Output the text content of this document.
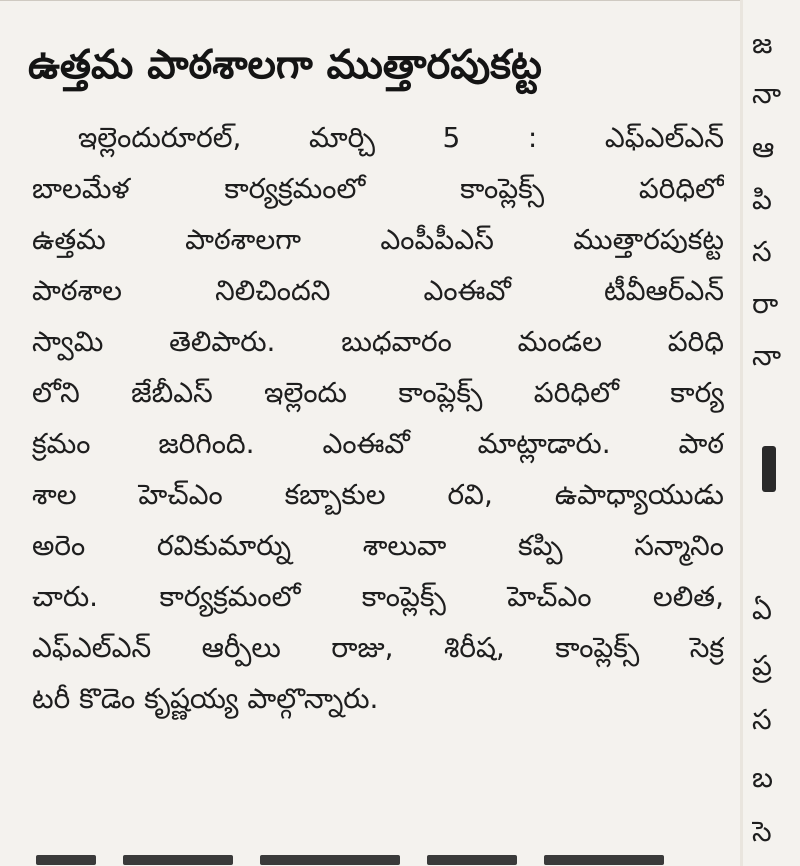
ఉత్తమ పాఠశాలగా ముత్తారపుకట్ట
ఇల్లెందురూరల్, మార్చి 5 : ఎఫ్ఎల్ఎన్
బాలమేళ కార్యక్రమంలో కాంప్లెక్స్ పరిధిలో
ఉత్తమ పాఠశాలగా ఎంపీపీఎస్ ముత్తారపుకట్ట
పాఠశాల నిలిచిందని ఎంఈవో టీవీఆర్ఎన్
స్వామి తెలిపారు. బుధవారం మండల పరిధి
లోని జేబీఎస్ ఇల్లెందు కాంప్లెక్స్ పరిధిలో కార్య
క్రమం జరిగింది. ఎంఈవో మాట్లాడారు. పాఠ
శాల హెచ్ఎం కబ్బాకుల రవి, ఉపాధ్యాయుడు
అరెం రవికుమార్ను శాలువా కప్పి సన్మానిం
చారు. కార్యక్రమంలో కాంప్లెక్స్ హెచ్ఎం లలిత,
ఎఫ్ఎల్ఎన్ ఆర్పీలు రాజు, శిరీష, కాంప్లెక్స్ సెక్ర
టరీ కొడెం కృష్ణయ్య పాల్గొన్నారు.
జ
నా
ఆ
పి
స
రా
నా
ఏ
ప్ర
స
బ
సె
